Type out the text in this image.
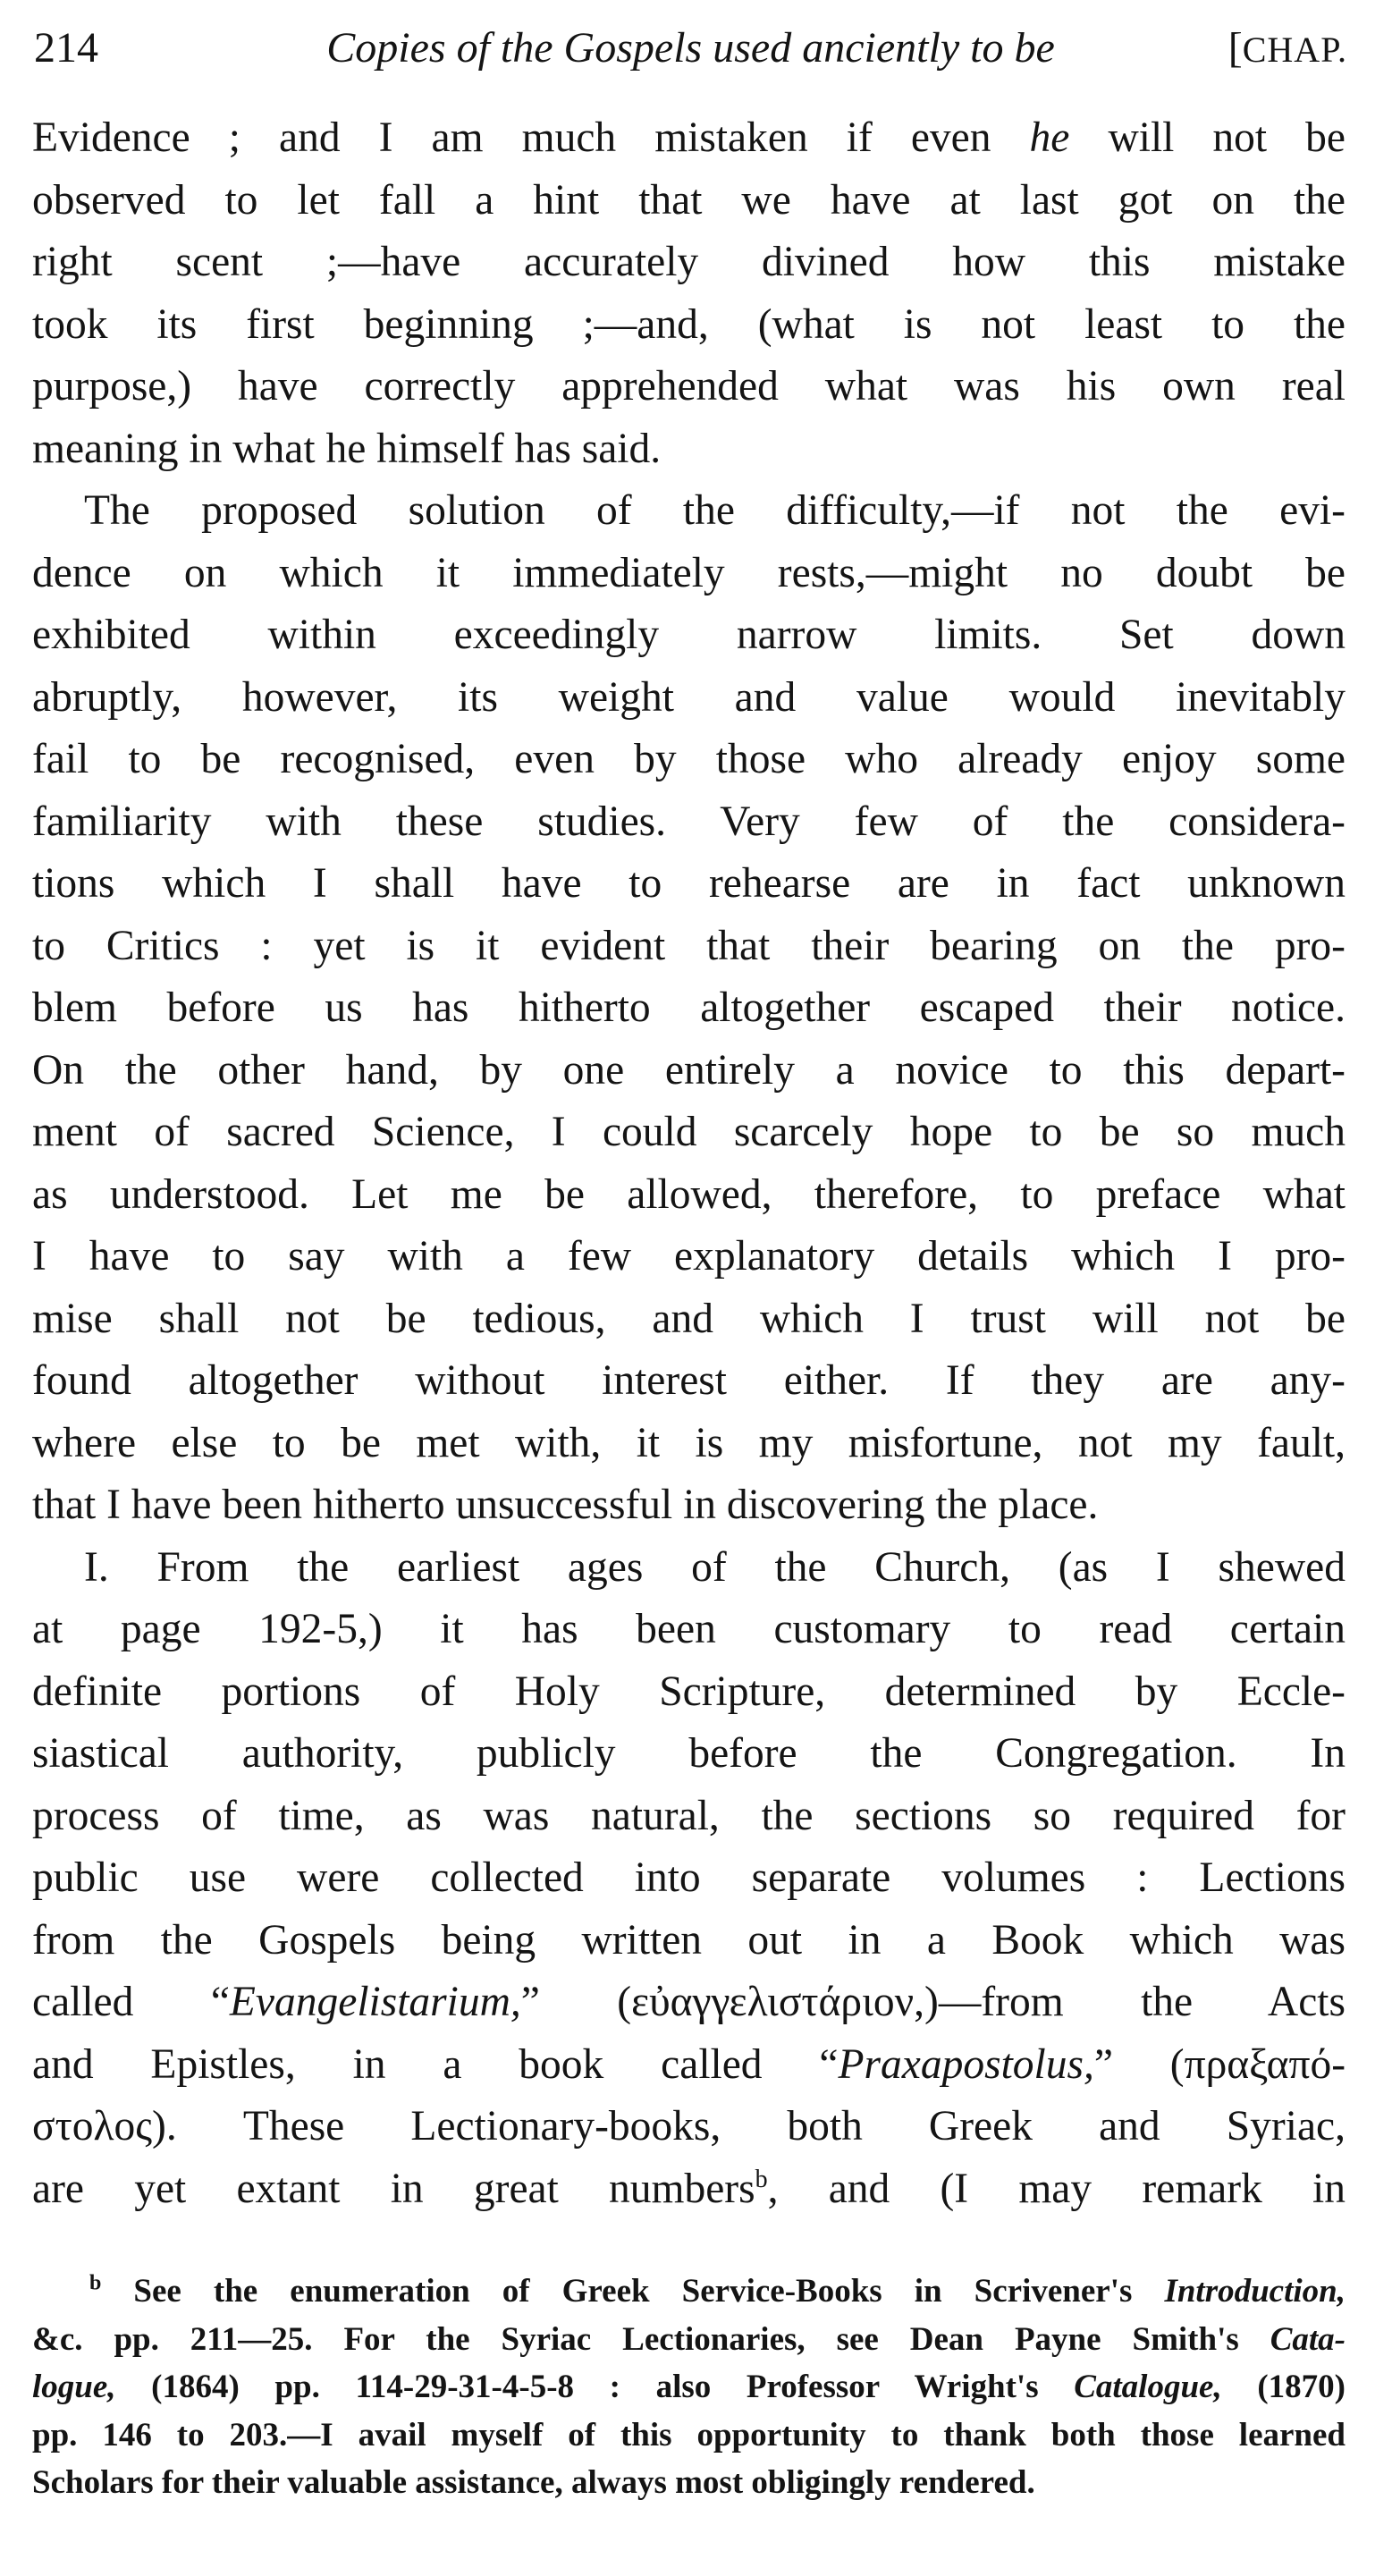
214	Copies of the Gospels used anciently to be	[CHAP.
Evidence ; and I am much mistaken if even he will not be
observed to let fall a hint that we have at last got on the
right scent ;—have accurately divined how this mistake
took its first beginning ;—and, (what is not least to the
purpose,) have correctly apprehended what was his own real
meaning in what he himself has said.
The proposed solution of the difficulty,—if not the evi-
dence on which it immediately rests,—might no doubt be
exhibited within exceedingly narrow limits. Set down
abruptly, however, its weight and value would inevitably
fail to be recognised, even by those who already enjoy some
familiarity with these studies. Very few of the considera-
tions which I shall have to rehearse are in fact unknown
to Critics : yet is it evident that their bearing on the pro-
blem before us has hitherto altogether escaped their notice.
On the other hand, by one entirely a novice to this depart-
ment of sacred Science, I could scarcely hope to be so much
as understood. Let me be allowed, therefore, to preface what
I have to say with a few explanatory details which I pro-
mise shall not be tedious, and which I trust will not be
found altogether without interest either. If they are any-
where else to be met with, it is my misfortune, not my fault,
that I have been hitherto unsuccessful in discovering the place.
I. From the earliest ages of the Church, (as I shewed
at page 192-5,) it has been customary to read certain
definite portions of Holy Scripture, determined by Eccle-
siastical authority, publicly before the Congregation. In
process of time, as was natural, the sections so required for
public use were collected into separate volumes : Lections
from the Gospels being written out in a Book which was
called “Evangelistarium,” (εὐαγγελιστάριον,)—from the Acts
and Epistles, in a book called “Praxapostolus,” (πραξαπό-
στολος). These Lectionary-books, both Greek and Syriac,
are yet extant in great numbers$^b$, and (I may remark in
$^b$ See the enumeration of Greek Service-Books in Scrivener's Introduction,
&c. pp. 211—25. For the Syriac Lectionaries, see Dean Payne Smith's Cata-
logue, (1864) pp. 114-29-31-4-5-8 : also Professor Wright's Catalogue, (1870)
pp. 146 to 203.—I avail myself of this opportunity to thank both those learned
Scholars for their valuable assistance, always most obligingly rendered.
